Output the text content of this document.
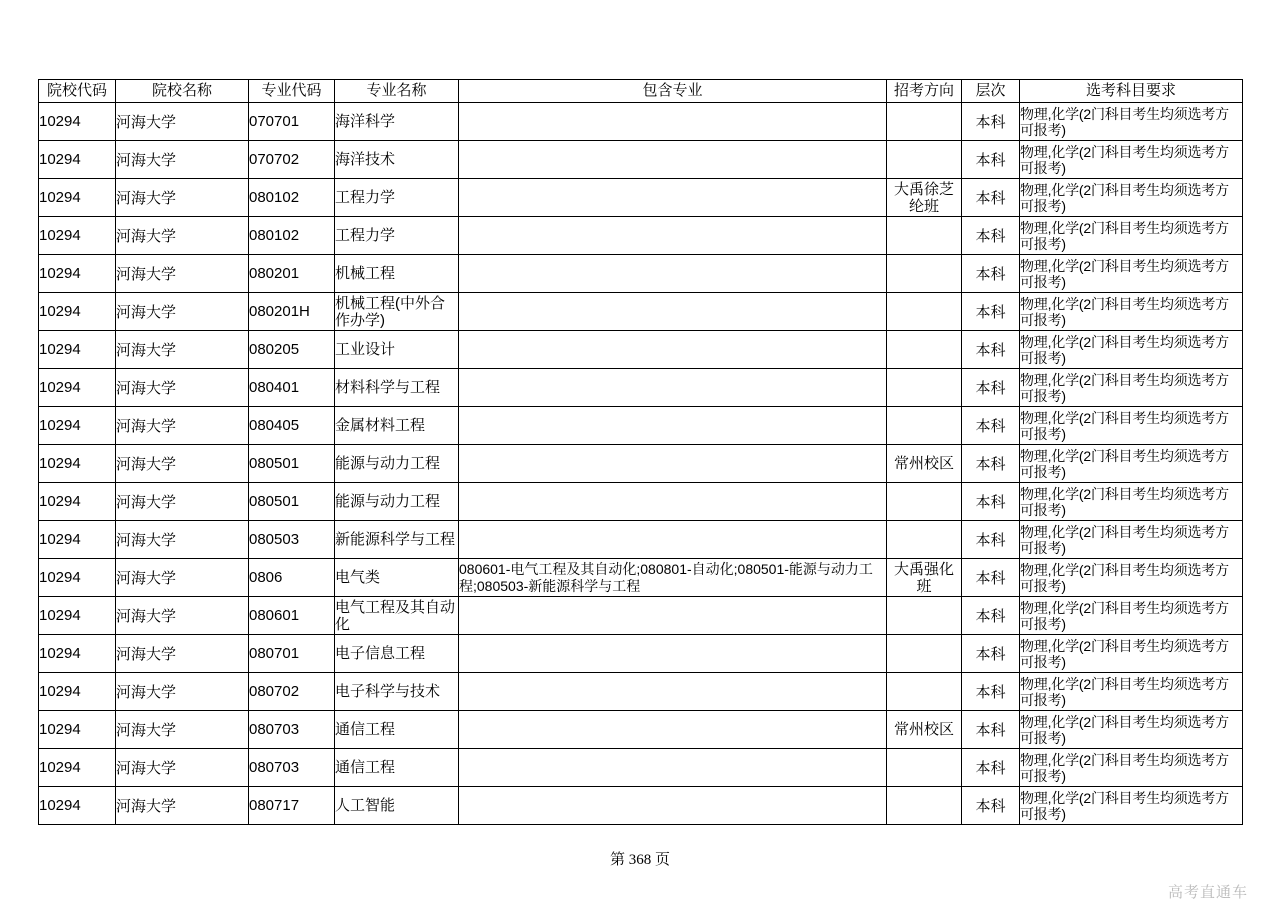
院校代码	院校名称	专业代码	专业名称	包含专业	招考方向	层次	选考科目要求
10294	河海大学	070701	海洋科学			本科	物理,化学(2门科目考生均须选考方可报考)
10294	河海大学	070702	海洋技术			本科	物理,化学(2门科目考生均须选考方可报考)
10294	河海大学	080102	工程力学		大禹徐芝纶班	本科	物理,化学(2门科目考生均须选考方可报考)
10294	河海大学	080102	工程力学			本科	物理,化学(2门科目考生均须选考方可报考)
10294	河海大学	080201	机械工程			本科	物理,化学(2门科目考生均须选考方可报考)
10294	河海大学	080201H	机械工程(中外合作办学)			本科	物理,化学(2门科目考生均须选考方可报考)
10294	河海大学	080205	工业设计			本科	物理,化学(2门科目考生均须选考方可报考)
10294	河海大学	080401	材料科学与工程			本科	物理,化学(2门科目考生均须选考方可报考)
10294	河海大学	080405	金属材料工程			本科	物理,化学(2门科目考生均须选考方可报考)
10294	河海大学	080501	能源与动力工程		常州校区	本科	物理,化学(2门科目考生均须选考方可报考)
10294	河海大学	080501	能源与动力工程			本科	物理,化学(2门科目考生均须选考方可报考)
10294	河海大学	080503	新能源科学与工程			本科	物理,化学(2门科目考生均须选考方可报考)
10294	河海大学	0806	电气类	080601-电气工程及其自动化;080801-自动化;080501-能源与动力工程;080503-新能源科学与工程	大禹强化班	本科	物理,化学(2门科目考生均须选考方可报考)
10294	河海大学	080601	电气工程及其自动化			本科	物理,化学(2门科目考生均须选考方可报考)
10294	河海大学	080701	电子信息工程			本科	物理,化学(2门科目考生均须选考方可报考)
10294	河海大学	080702	电子科学与技术			本科	物理,化学(2门科目考生均须选考方可报考)
10294	河海大学	080703	通信工程		常州校区	本科	物理,化学(2门科目考生均须选考方可报考)
10294	河海大学	080703	通信工程			本科	物理,化学(2门科目考生均须选考方可报考)
10294	河海大学	080717	人工智能			本科	物理,化学(2门科目考生均须选考方可报考)
第 368 页
高考直通车
